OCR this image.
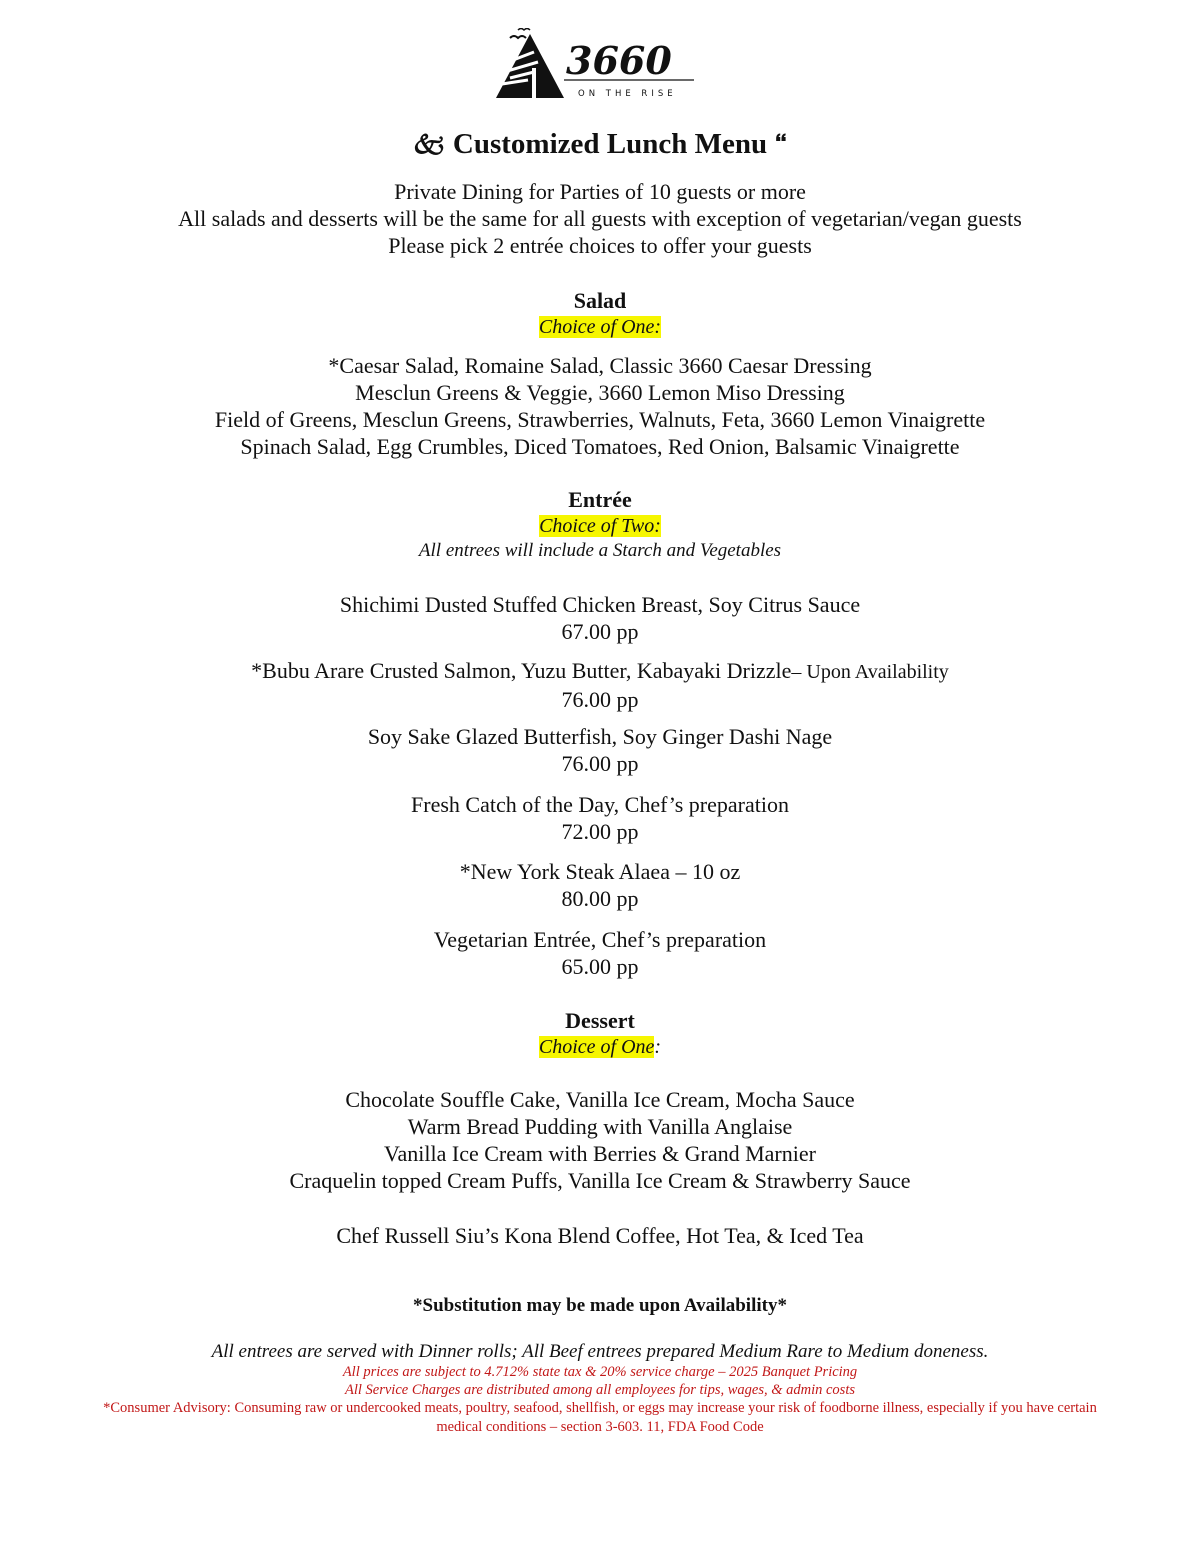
3660
ON THE RISE
🙵 Customized Lunch Menu 🙶
Private Dining for Parties of 10 guests or more
All salads and desserts will be the same for all guests with exception of vegetarian/vegan guests
Please pick 2 entrée choices to offer your guests
Salad
Choice of One:
*Caesar Salad, Romaine Salad, Classic 3660 Caesar Dressing
Mesclun Greens & Veggie, 3660 Lemon Miso Dressing
Field of Greens, Mesclun Greens, Strawberries, Walnuts, Feta, 3660 Lemon Vinaigrette
Spinach Salad, Egg Crumbles, Diced Tomatoes, Red Onion, Balsamic Vinaigrette
Entrée
Choice of Two:
All entrees will include a Starch and Vegetables
Shichimi Dusted Stuffed Chicken Breast, Soy Citrus Sauce
67.00 pp
*Bubu Arare Crusted Salmon, Yuzu Butter, Kabayaki Drizzle– Upon Availability
76.00 pp
Soy Sake Glazed Butterfish, Soy Ginger Dashi Nage
76.00 pp
Fresh Catch of the Day, Chef’s preparation
72.00 pp
*New York Steak Alaea – 10 oz
80.00 pp
Vegetarian Entrée, Chef’s preparation
65.00 pp
Dessert
Choice of One:
Chocolate Souffle Cake, Vanilla Ice Cream, Mocha Sauce
Warm Bread Pudding with Vanilla Anglaise
Vanilla Ice Cream with Berries & Grand Marnier
Craquelin topped Cream Puffs, Vanilla Ice Cream & Strawberry Sauce
Chef Russell Siu’s Kona Blend Coffee, Hot Tea, & Iced Tea
*Substitution may be made upon Availability*
All entrees are served with Dinner rolls; All Beef entrees prepared Medium Rare to Medium doneness.
All prices are subject to 4.712% state tax & 20% service charge – 2025 Banquet Pricing
All Service Charges are distributed among all employees for tips, wages, & admin costs
*Consumer Advisory: Consuming raw or undercooked meats, poultry, seafood, shellfish, or eggs may increase your risk of foodborne illness, especially if you have certain medical conditions – section 3-603. 11, FDA Food Code
